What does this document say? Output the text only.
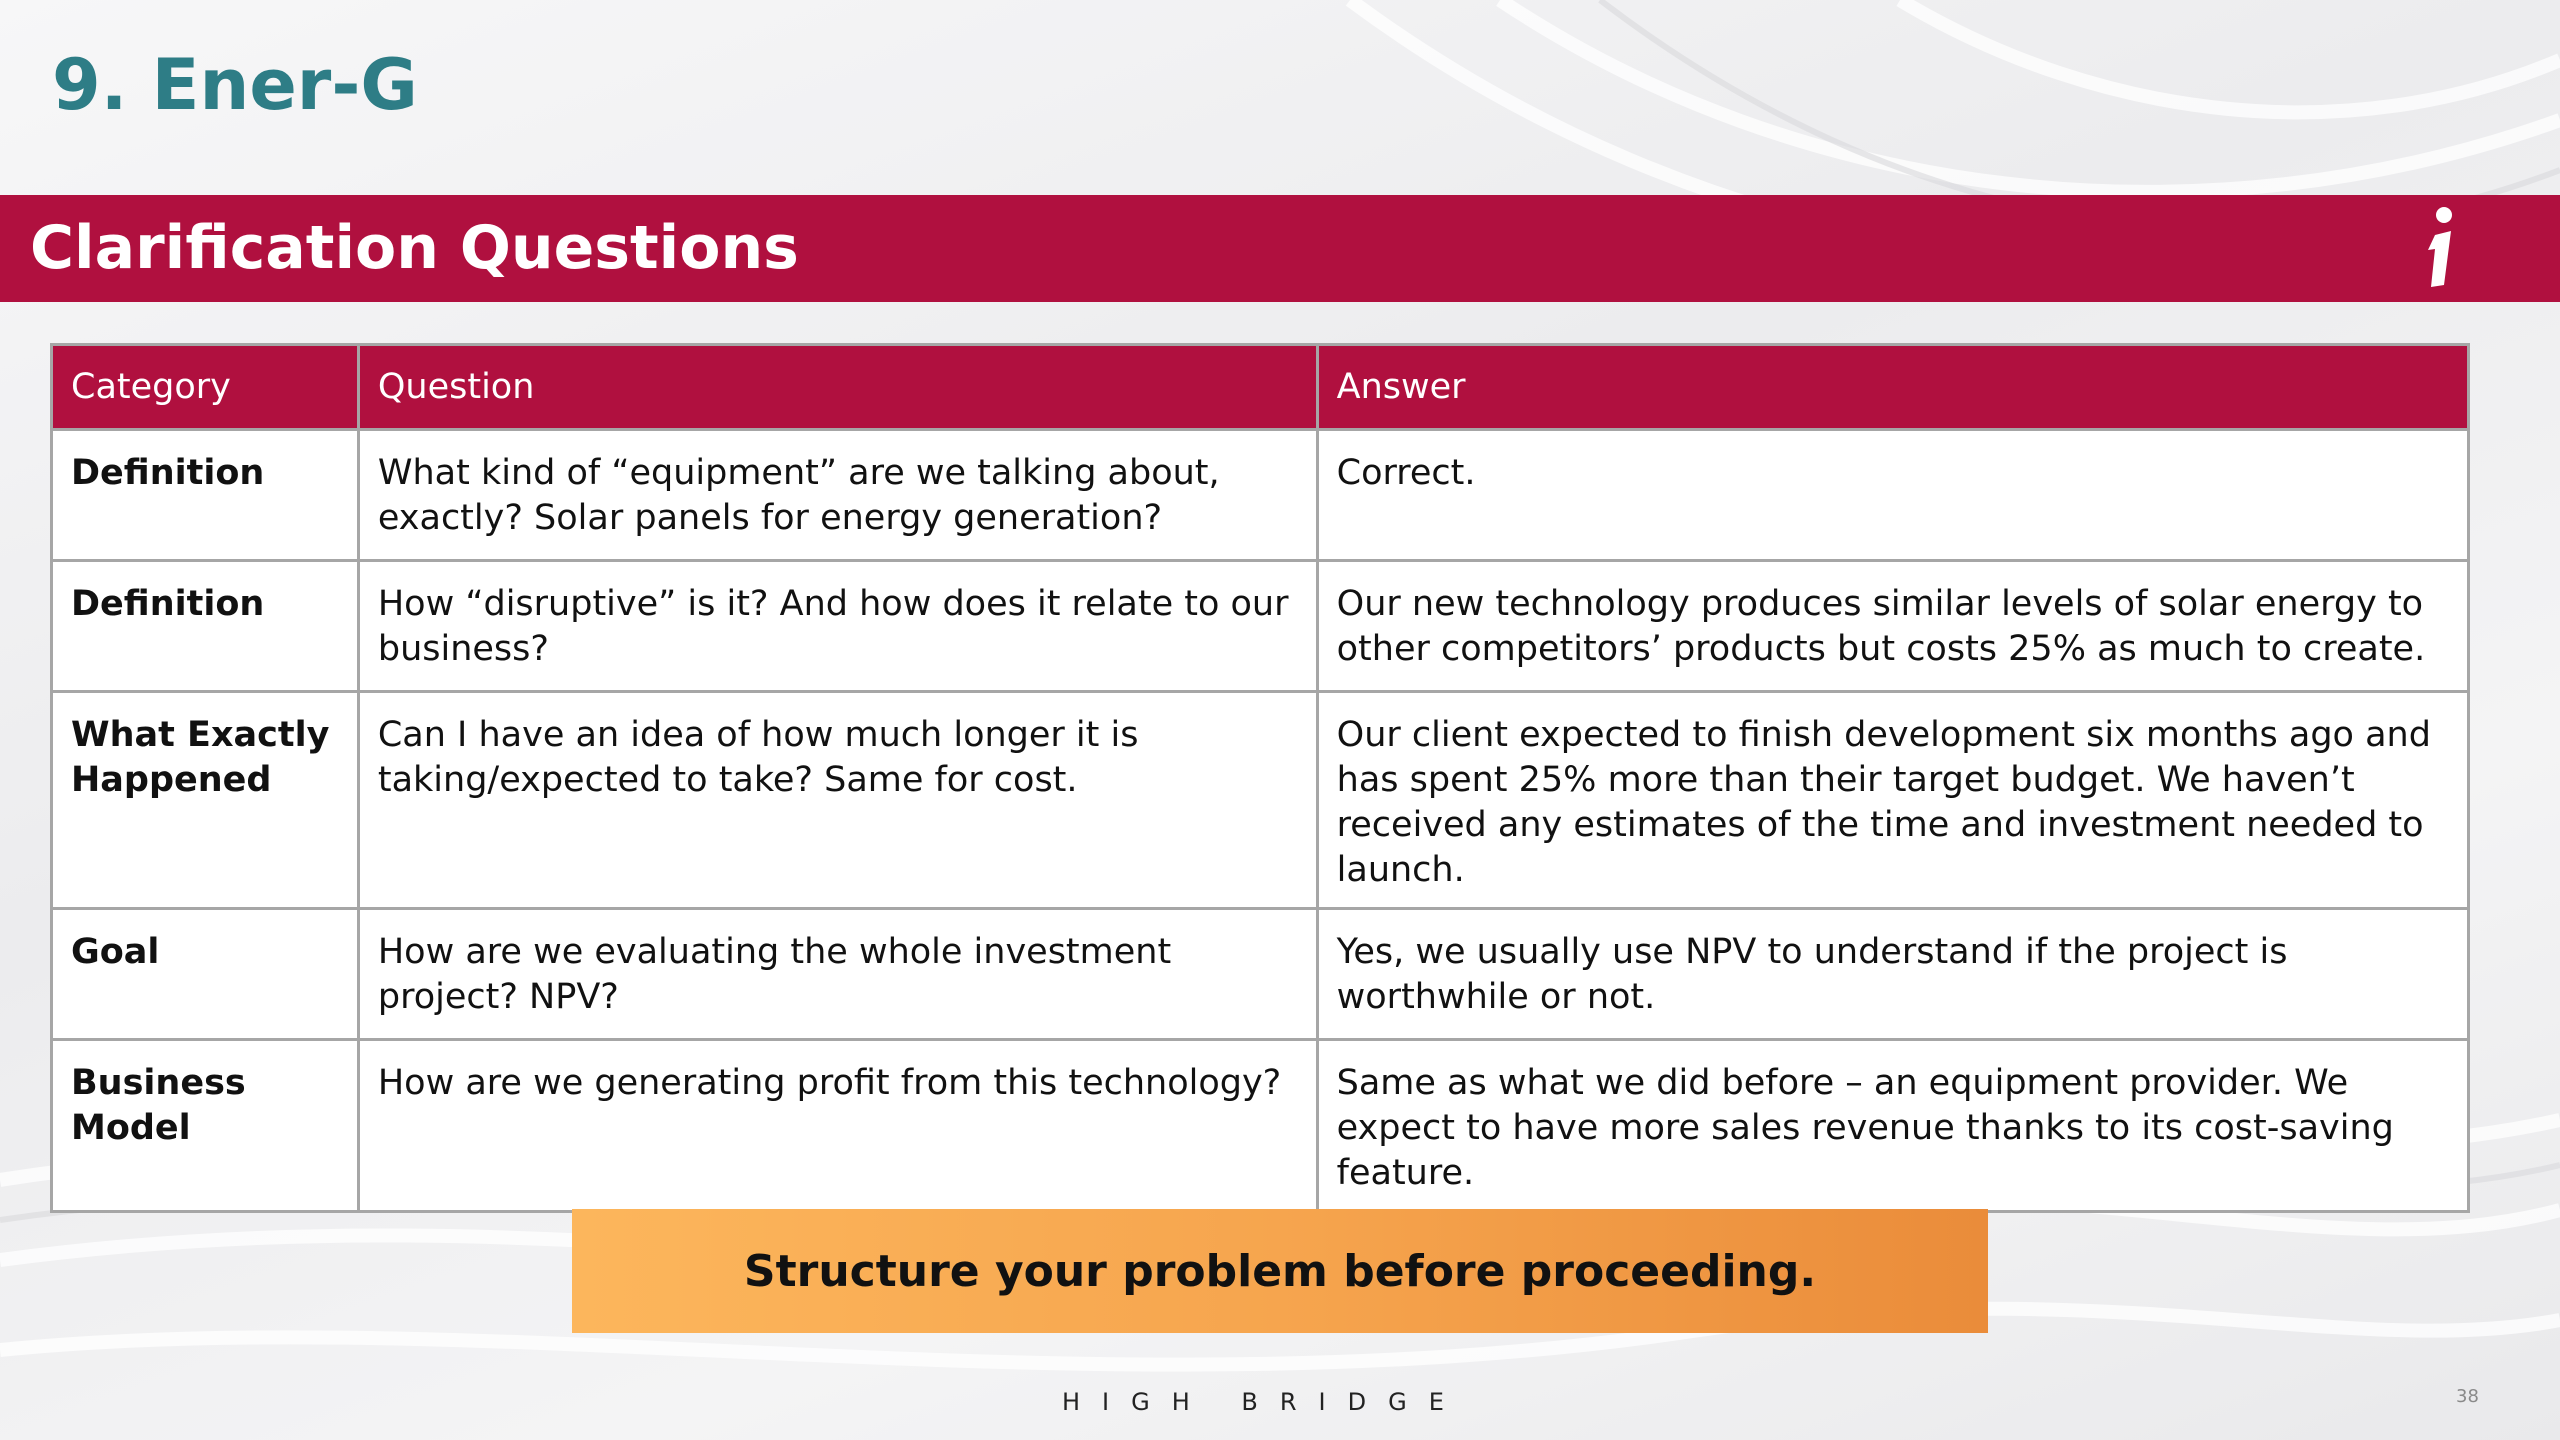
9. Ener-G
Clarification Questions
Category	Question	Answer
Definition	What kind of “equipment” are we talking about, exactly? Solar panels for energy generation?	Correct.
Definition	How “disruptive” is it? And how does it relate to our business?	Our new technology produces similar levels of solar energy to other competitors’ products but costs 25% as much to create.
What Exactly Happened	Can I have an idea of how much longer it is taking/expected to take? Same for cost.	Our client expected to finish development six months ago and has spent 25% more than their target budget. We haven’t received any estimates of the time and investment needed to launch.
Goal	How are we evaluating the whole investment project? NPV?	Yes, we usually use NPV to understand if the project is worthwhile or not.
Business Model	How are we generating profit from this technology?	Same as what we did before – an equipment provider. We expect to have more sales revenue thanks to its cost-saving feature.
Structure your problem before proceeding.
HIGH BRIDGE	38
